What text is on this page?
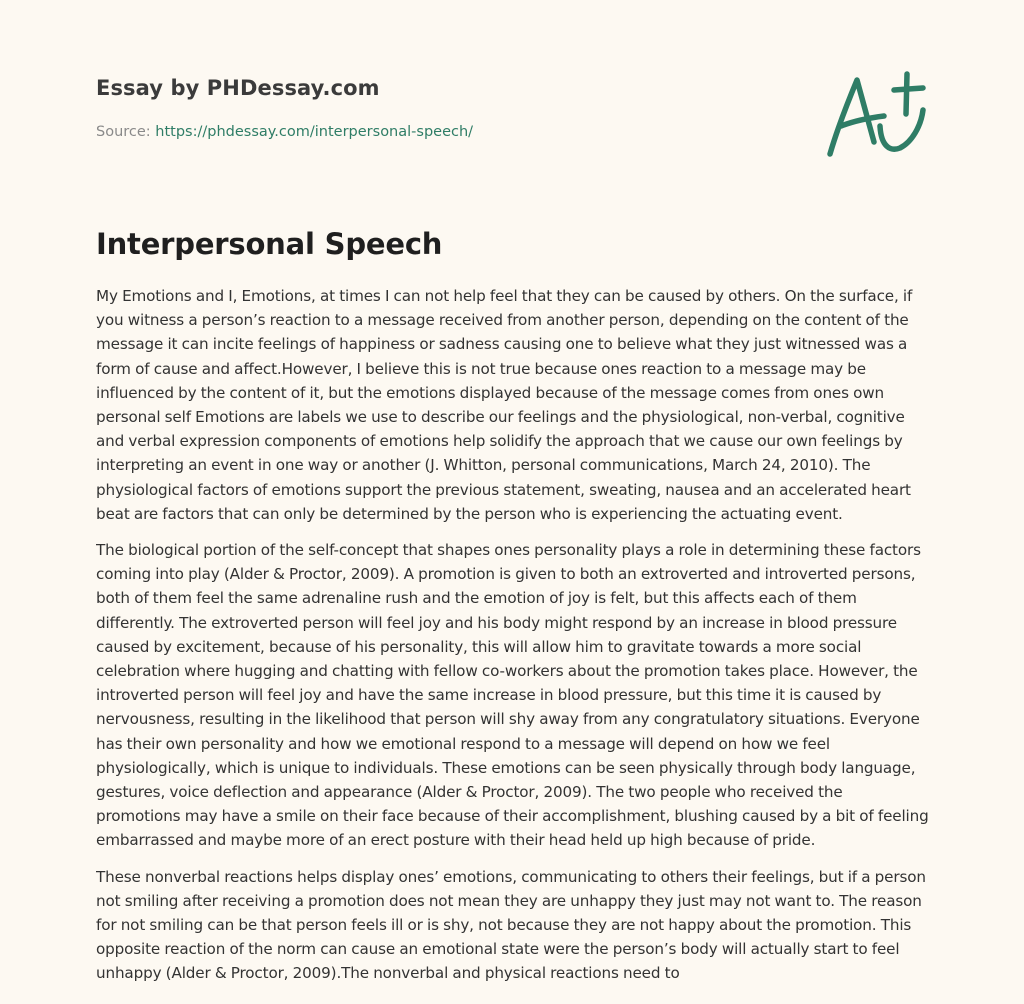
Essay by PHDessay.com
Source: https://phdessay.com/interpersonal-speech/
Interpersonal Speech

My Emotions and I, Emotions, at times I can not help feel that they can be caused by others. On the surface, if you witness a person’s reaction to a message received from another person, depending on the content of the message it can incite feelings of happiness or sadness causing one to believe what they just witnessed was a form of cause and affect.However, I believe this is not true because ones reaction to a message may be influenced by the content of it, but the emotions displayed because of the message comes from ones own personal self Emotions are labels we use to describe our feelings and the physiological, non-verbal, cognitive and verbal expression components of emotions help solidify the approach that we cause our own feelings by interpreting an event in one way or another (J. Whitton, personal communications, March 24, 2010). The physiological factors of emotions support the previous statement, sweating, nausea and an accelerated heart beat are factors that can only be determined by the person who is experiencing the actuating event.

The biological portion of the self-concept that shapes ones personality plays a role in determining these factors coming into play (Alder & Proctor, 2009). A promotion is given to both an extroverted and introverted persons, both of them feel the same adrenaline rush and the emotion of joy is felt, but this affects each of them differently. The extroverted person will feel joy and his body might respond by an increase in blood pressure caused by excitement, because of his personality, this will allow him to gravitate towards a more social celebration where hugging and chatting with fellow co-workers about the promotion takes place. However, the introverted person will feel joy and have the same increase in blood pressure, but this time it is caused by nervousness, resulting in the likelihood that person will shy away from any congratulatory situations. Everyone has their own personality and how we emotional respond to a message will depend on how we feel physiologically, which is unique to individuals. These emotions can be seen physically through body language, gestures, voice deflection and appearance (Alder & Proctor, 2009). The two people who received the promotions may have a smile on their face because of their accomplishment, blushing caused by a bit of feeling embarrassed and maybe more of an erect posture with their head held up high because of pride.

These nonverbal reactions helps display ones’ emotions, communicating to others their feelings, but if a person not smiling after receiving a promotion does not mean they are unhappy they just may not want to. The reason for not smiling can be that person feels ill or is shy, not because they are not happy about the promotion. This opposite reaction of the norm can cause an emotional state were the person’s body will actually start to feel unhappy (Alder & Proctor, 2009).The nonverbal and physical reactions need to
